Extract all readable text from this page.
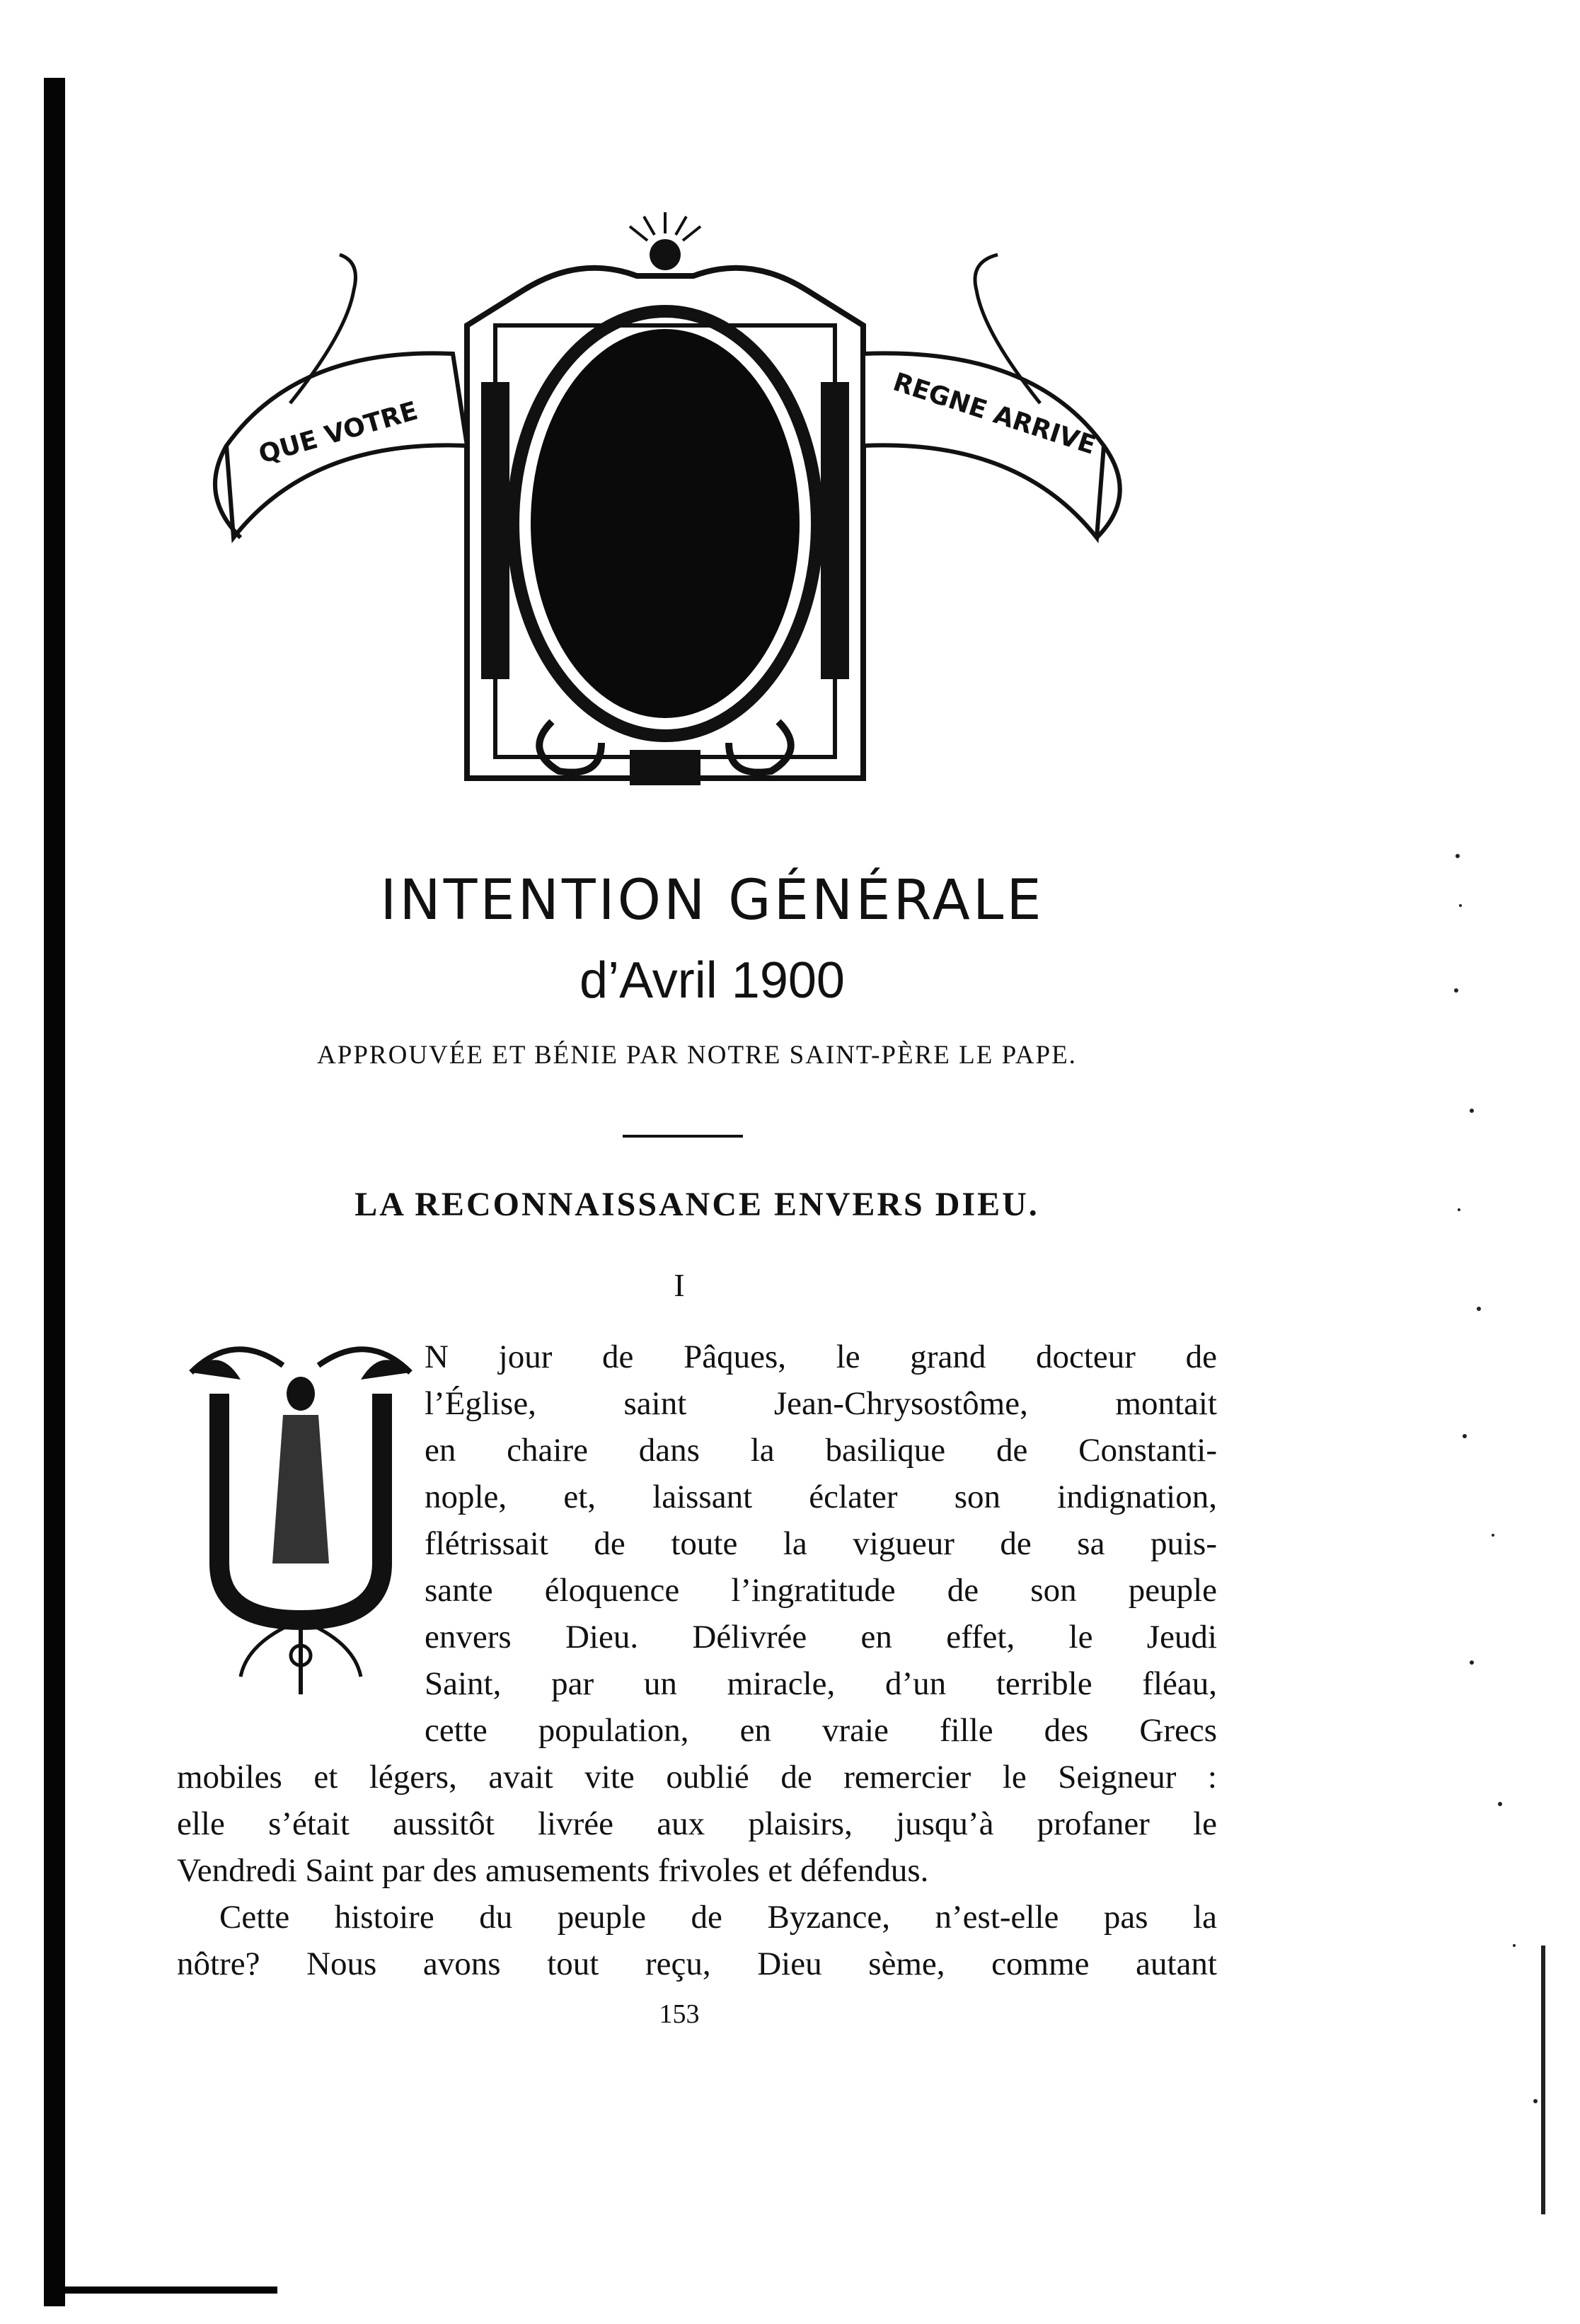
QUE VOTRE	REGNE ARRIVE
INTENTION GÉNÉRALE
d’Avril 1900
APPROUVÉE ET BÉNIE PAR NOTRE SAINT-PÈRE LE PAPE.
LA RECONNAISSANCE ENVERS DIEU.
I
N jour de Pâques, le grand docteur de
l’Église, saint Jean-Chrysostôme, montait
en chaire dans la basilique de Constanti-
nople, et, laissant éclater son indignation,
flétrissait de toute la vigueur de sa puis-
sante éloquence l’ingratitude de son peuple
envers Dieu. Délivrée en effet, le Jeudi
Saint, par un miracle, d’un terrible fléau,
cette population, en vraie fille des Grecs
mobiles et légers, avait vite oublié de remercier le Seigneur :
elle s’était aussitôt livrée aux plaisirs, jusqu’à profaner le
Vendredi Saint par des amusements frivoles et défendus.
Cette histoire du peuple de Byzance, n’est-elle pas la
nôtre? Nous avons tout reçu, Dieu sème, comme autant
153
